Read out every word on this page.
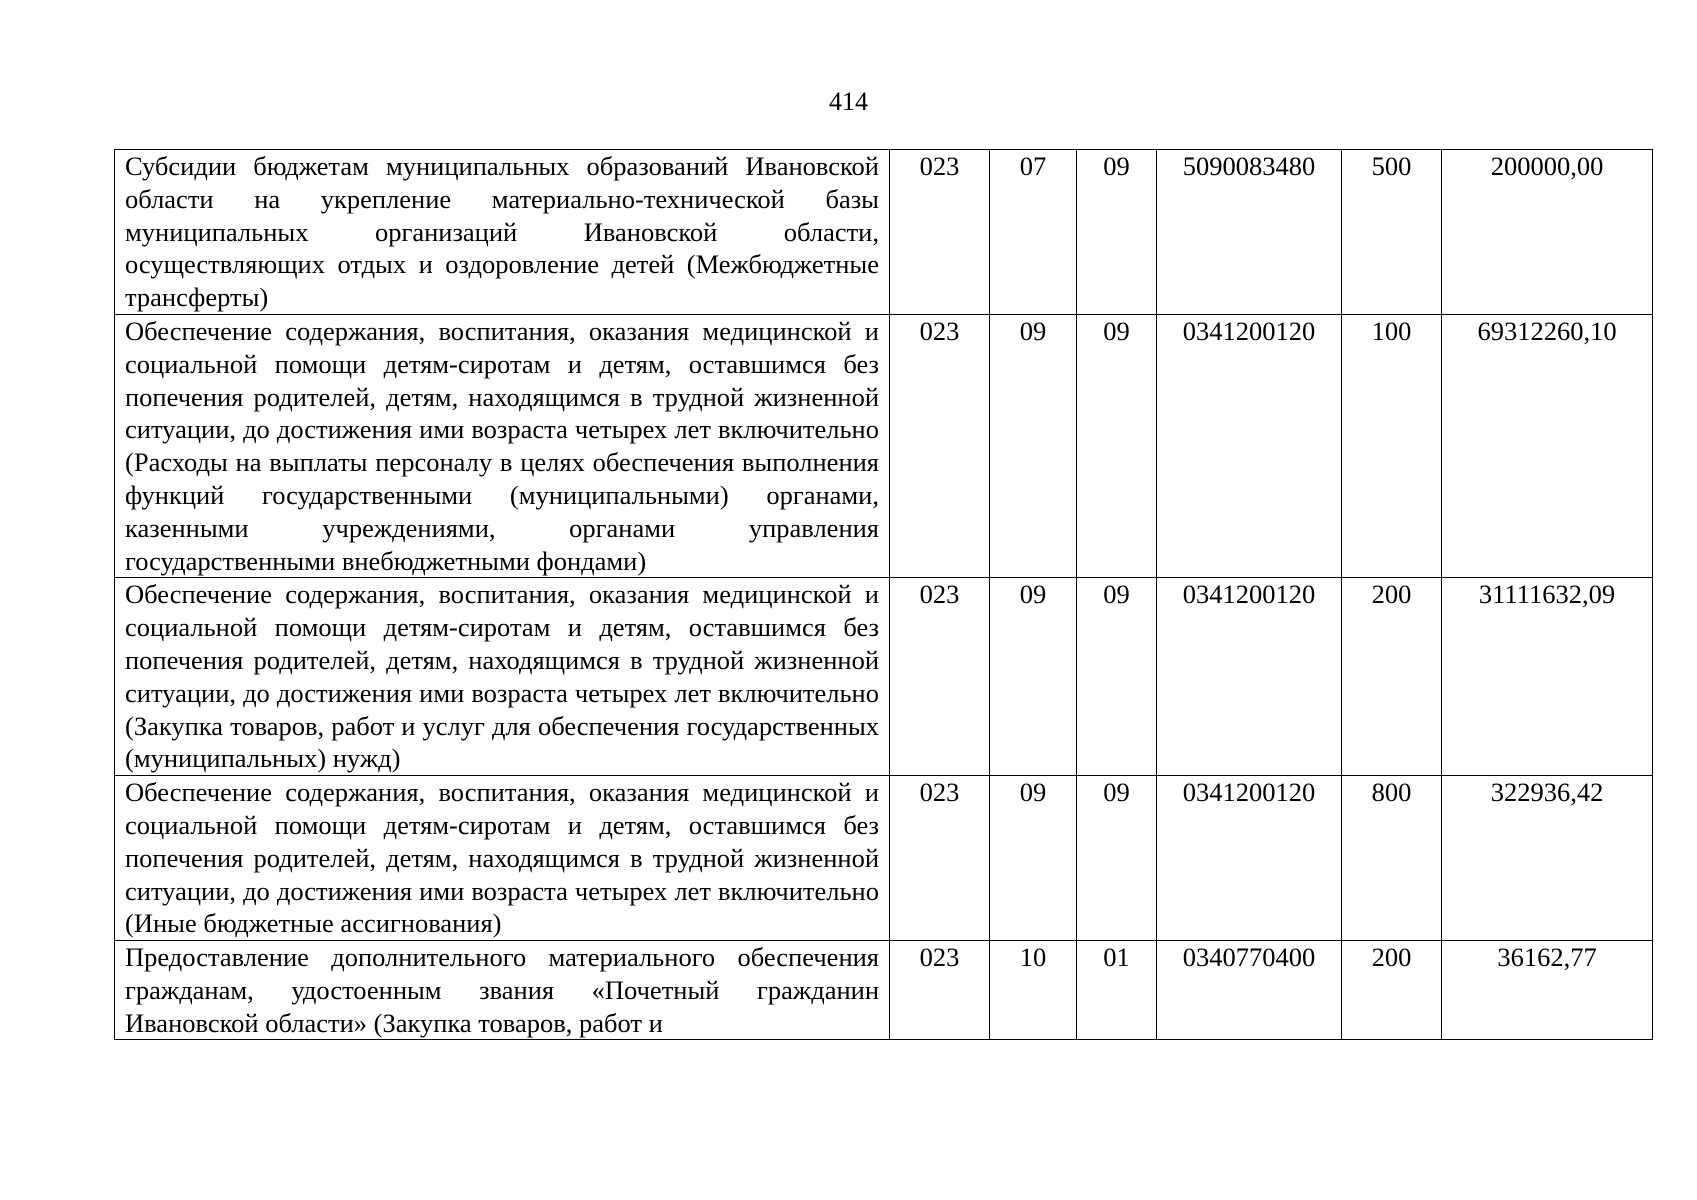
414
Субсидии бюджетам муниципальных образований Ивановской области на укрепление материально-технической базы муниципальных организаций Ивановской области, осуществляющих отдых и оздоровление детей (Межбюджетные трансферты)	023	07	09	5090083480	500	200000,00
Обеспечение содержания, воспитания, оказания медицинской и социальной помощи детям-сиротам и детям, оставшимся без попечения родителей, детям, находящимся в трудной жизненной ситуации, до достижения ими возраста четырех лет включительно (Расходы на выплаты персоналу в целях обеспечения выполнения функций государственными (муниципальными) органами, казенными учреждениями, органами управления государственными внебюджетными фондами)	023	09	09	0341200120	100	69312260,10
Обеспечение содержания, воспитания, оказания медицинской и социальной помощи детям-сиротам и детям, оставшимся без попечения родителей, детям, находящимся в трудной жизненной ситуации, до достижения ими возраста четырех лет включительно (Закупка товаров, работ и услуг для обеспечения государственных (муниципальных) нужд)	023	09	09	0341200120	200	31111632,09
Обеспечение содержания, воспитания, оказания медицинской и социальной помощи детям-сиротам и детям, оставшимся без попечения родителей, детям, находящимся в трудной жизненной ситуации, до достижения ими возраста четырех лет включительно (Иные бюджетные ассигнования)	023	09	09	0341200120	800	322936,42

Предоставление дополнительного материального обеспечения гражданам, удостоенным звания «Почетный гражданин Ивановской области» (Закупка товаров, работ и	023	10	01	0340770400	200	36162,77
